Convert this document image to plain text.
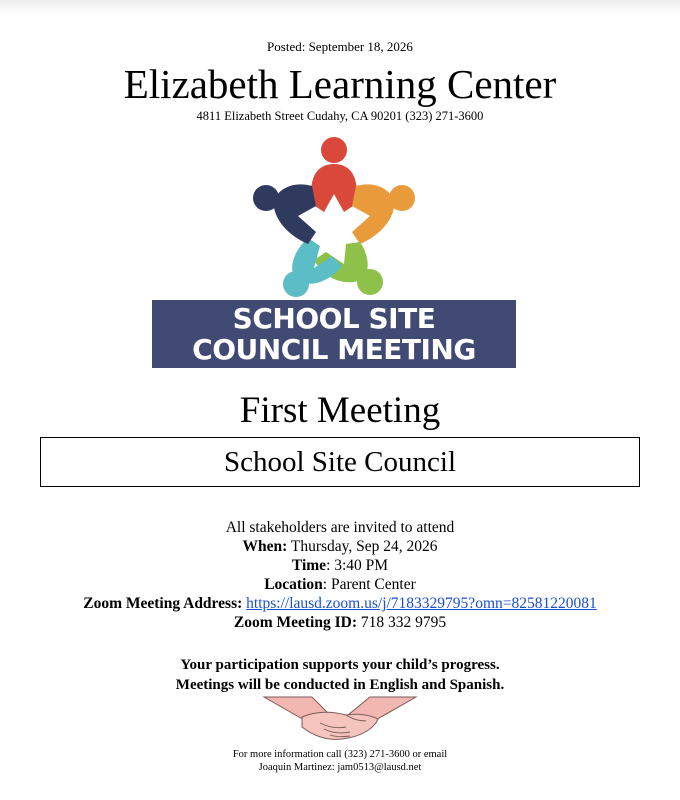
Posted: September 18, 2026
Elizabeth Learning Center
4811 Elizabeth Street Cudahy, CA 90201 (323) 271-3600
SCHOOL SITE
COUNCIL MEETING
First Meeting
School Site Council
All stakeholders are invited to attend
When: Thursday, Sep 24, 2026
Time: 3:40 PM
Location: Parent Center
Zoom Meeting Address: https://lausd.zoom.us/j/7183329795?omn=82581220081
Zoom Meeting ID: 718 332 9795
Your participation supports your child’s progress.
Meetings will be conducted in English and Spanish.
For more information call (323) 271-3600 or email
Joaquin Martinez: jam0513@lausd.net
